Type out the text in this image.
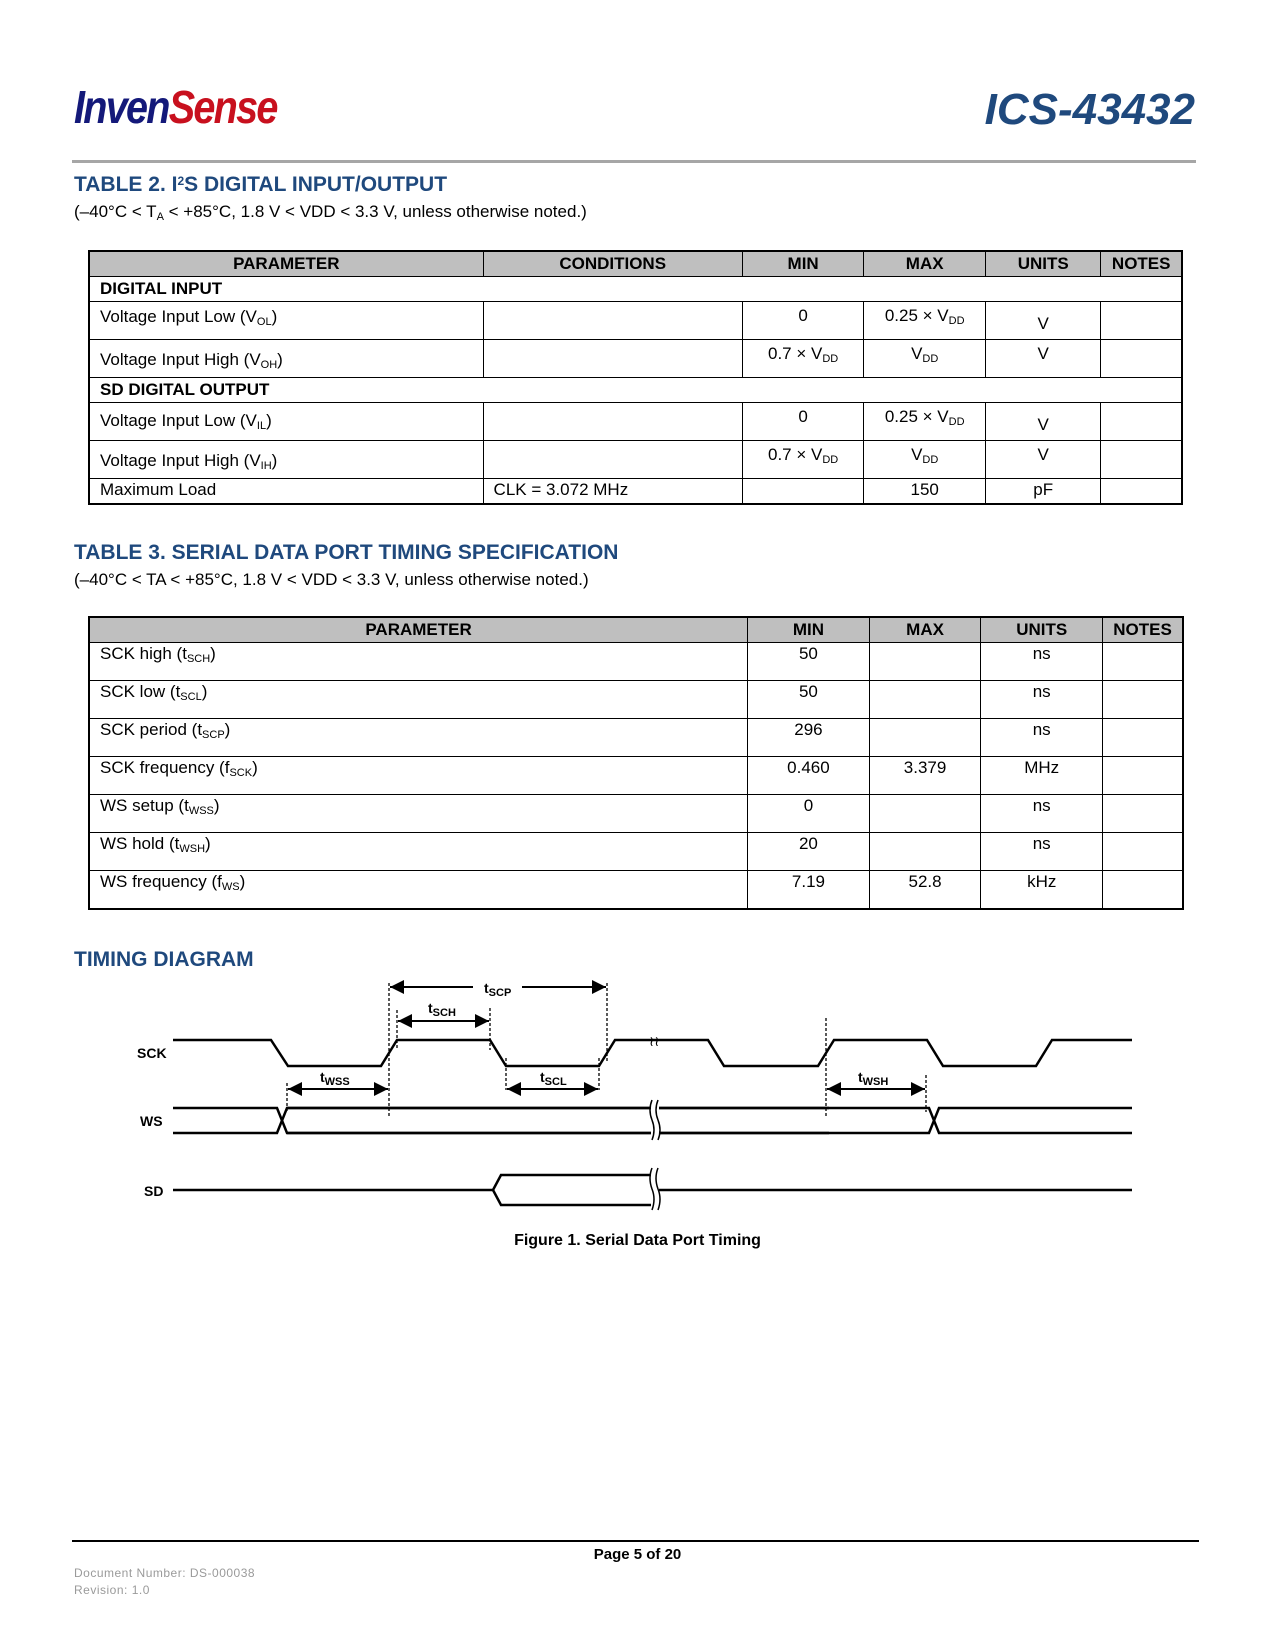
InvenSense	ICS-43432
TABLE 2. $I^2S$ DIGITAL INPUT/OUTPUT
(–40°C < TA < +85°C, 1.8 V < VDD < 3.3 V, unless otherwise noted.)
PARAMETER	CONDITIONS	MIN	MAX	UNITS	NOTES
DIGITAL INPUT					
Voltage Input Low (VOL)		0	0.25 × VDD	V	
Voltage Input High (VOH)		0.7 × VDD	VDD	V	
SD DIGITAL OUTPUT					
Voltage Input Low (VIL)		0	0.25 × VDD	V	
Voltage Input High (VIH)		0.7 × VDD	VDD	V	
Maximum Load	CLK = 3.072 MHz		150	pF	
TABLE 3. SERIAL DATA PORT TIMING SPECIFICATION
(–40°C < TA < +85°C, 1.8 V < VDD < 3.3 V, unless otherwise noted.)
PARAMETER	MIN	MAX	UNITS	NOTES
SCK high (tSCH)	50		ns	
SCK low (tSCL)	50		ns	
SCK period (tSCP)	296		ns	
SCK frequency (fSCK)	0.460	3.379	MHz	
WS setup (tWSS)	0		ns	
WS hold (tWSH)	20		ns	
WS frequency (fWS)	7.19	52.8	kHz	
TIMING DIAGRAM
≀≀
$t_{SCP}$
$t_{SCH}$
$t_{WSS}$	$t_{SCL}$	$t_{WSH}$
SCK
WS
SD
Figure 1. Serial Data Port Timing
Page 5 of 20
Document Number: DS-000038
Revision: 1.0
